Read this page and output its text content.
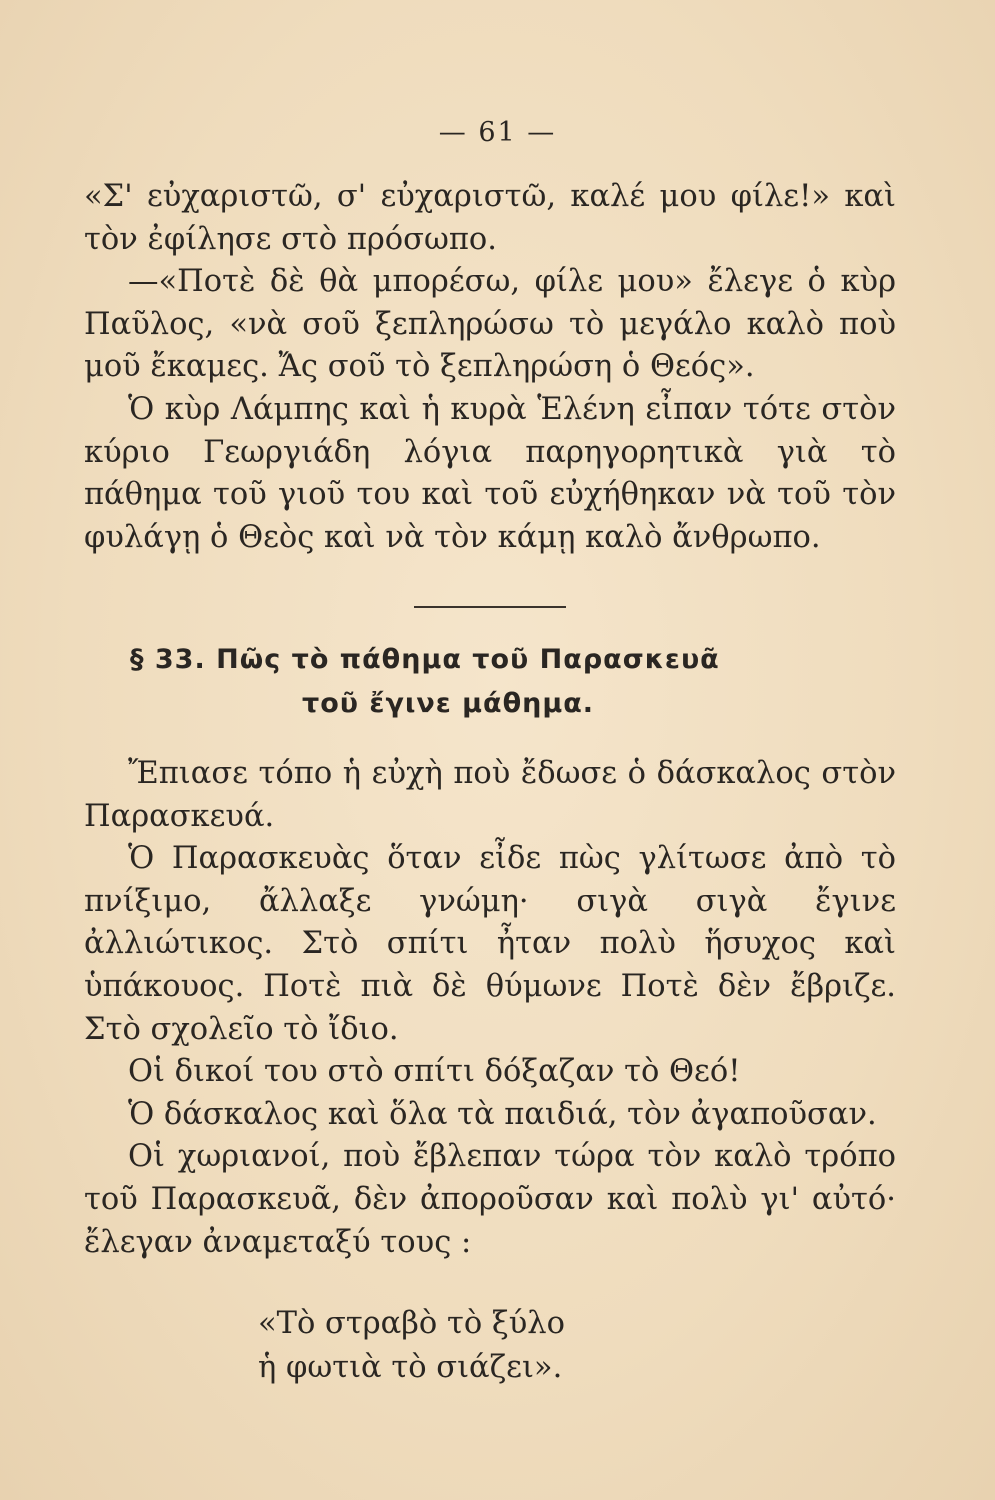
— 61 —

«Σ' εὐχαριστῶ, σ' εὐχαριστῶ, καλέ μου φίλε!» καὶ τὸν ἐφίλησε στὸ πρόσωπο.

—«Ποτὲ δὲ θὰ μπορέσω, φίλε μου» ἔλεγε ὁ κὺρ Παῦλος, «νὰ σοῦ ξεπληρώσω τὸ μεγάλο καλὸ ποὺ μοῦ ἔκαμες. Ἄς σοῦ τὸ ξεπληρώση ὁ Θεός».

Ὁ κὺρ Λάμπης καὶ ἡ κυρὰ Ἑλένη εἶπαν τότε στὸν κύριο Γεωργιάδη λόγια παρηγορητικὰ γιὰ τὸ πάθημα τοῦ γιοῦ του καὶ τοῦ εὐχήθηκαν νὰ τοῦ τὸν φυλάγῃ ὁ Θεὸς καὶ νὰ τὸν κάμῃ καλὸ ἄνθρωπο.

§ 33. Πῶς τὸ πάθημα τοῦ Παρασκευᾶ
τοῦ ἔγινε μάθημα.

Ἔπιασε τόπο ἡ εὐχὴ ποὺ ἔδωσε ὁ δάσκαλος στὸν Παρασκευά.

Ὁ Παρασκευὰς ὅταν εἶδε πὼς γλίτωσε ἀπὸ τὸ πνίξιμο, ἄλλαξε γνώμη· σιγὰ σιγὰ ἔγινε ἀλλιώτικος. Στὸ σπίτι ἦταν πολὺ ἥσυχος καὶ ὑπάκουος. Ποτὲ πιὰ δὲ θύμωνε Ποτὲ δὲν ἔβριζε. Στὸ σχολεῖο τὸ ἴδιο.

Οἱ δικοί του στὸ σπίτι δόξαζαν τὸ Θεό!

Ὁ δάσκαλος καὶ ὅλα τὰ παιδιά, τὸν ἀγαποῦσαν.

Οἱ χωριανοί, ποὺ ἔβλεπαν τώρα τὸν καλὸ τρόπο τοῦ Παρασκευᾶ, δὲν ἀποροῦσαν καὶ πολὺ γι' αὐτό· ἔλεγαν ἀναμεταξύ τους :

«Τὸ στραβὸ τὸ ξύλο
ἡ φωτιὰ τὸ σιάζει».
